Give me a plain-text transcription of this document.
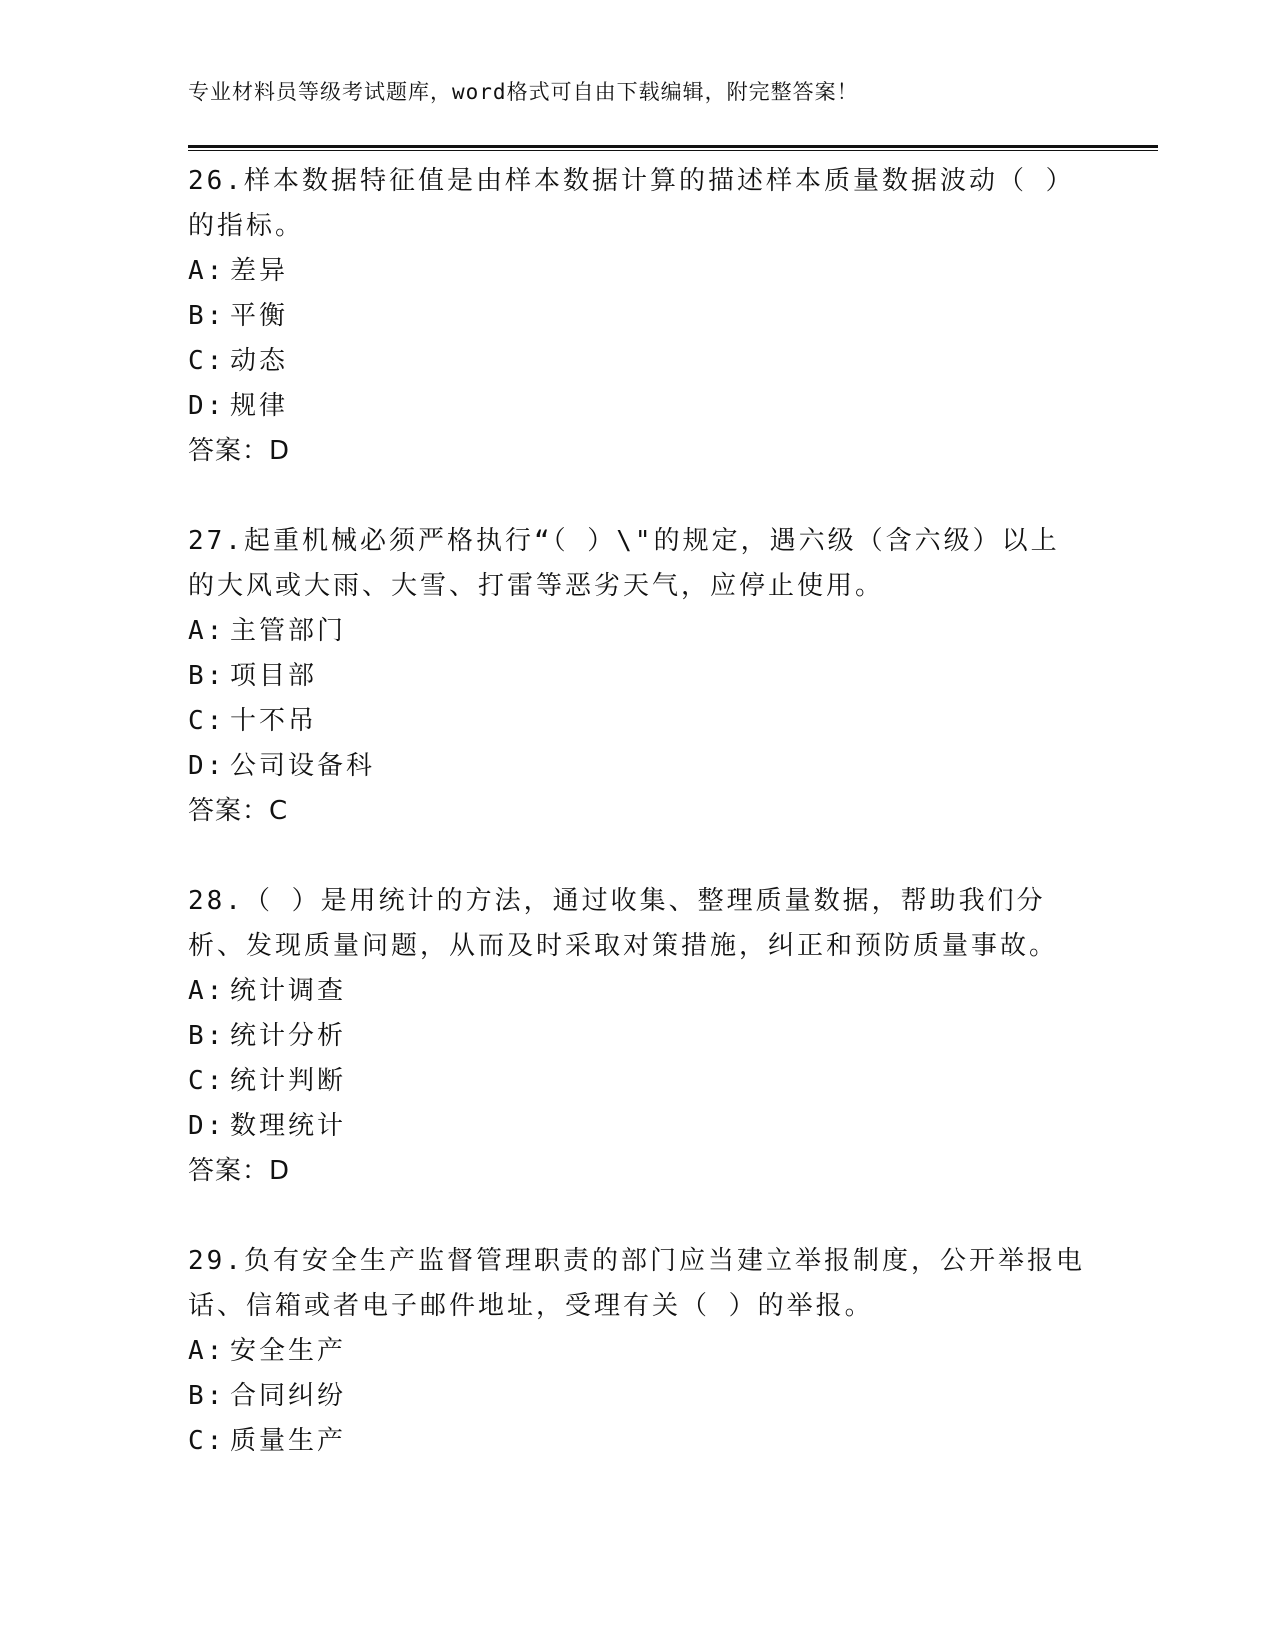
专业材料员等级考试题库，word格式可自由下载编辑，附完整答案！

26.样本数据特征值是由样本数据计算的描述样本质量数据波动（ ）的指标。

A: 差异
B: 平衡
C: 动态
D: 规律
答案：D

27.起重机械必须严格执行“（ ）\"的规定，遇六级（含六级）以上的大风或大雨、大雪、打雷等恶劣天气，应停止使用。

A: 主管部门
B: 项目部
C: 十不吊
D: 公司设备科
答案：C

28.（ ）是用统计的方法，通过收集、整理质量数据，帮助我们分析、发现质量问题，从而及时采取对策措施，纠正和预防质量事故。

A: 统计调查
B: 统计分析
C: 统计判断
D: 数理统计
答案：D

29.负有安全生产监督管理职责的部门应当建立举报制度，公开举报电话、信箱或者电子邮件地址，受理有关（ ）的举报。

A: 安全生产
B: 合同纠纷
C: 质量生产
